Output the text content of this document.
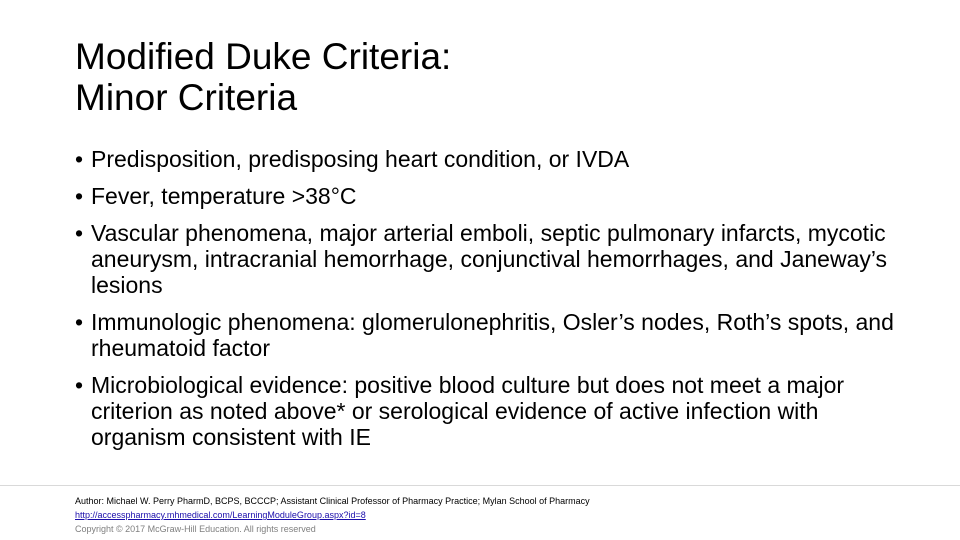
Modified Duke Criteria:
Minor Criteria
• Predisposition, predisposing heart condition, or IVDA
• Fever, temperature >38°C
• Vascular phenomena, major arterial emboli, septic pulmonary infarcts, mycotic aneurysm, intracranial hemorrhage, conjunctival hemorrhages, and Janeway’s lesions
• Immunologic phenomena: glomerulonephritis, Osler’s nodes, Roth’s spots, and rheumatoid factor
• Microbiological evidence: positive blood culture but does not meet a major criterion as noted above* or serological evidence of active infection with organism consistent with IE
Author: Michael W. Perry PharmD, BCPS, BCCCP; Assistant Clinical Professor of Pharmacy Practice; Mylan School of Pharmacy
http://accesspharmacy.mhmedical.com/LearningModuleGroup.aspx?id=8
Copyright © 2017 McGraw-Hill Education. All rights reserved
